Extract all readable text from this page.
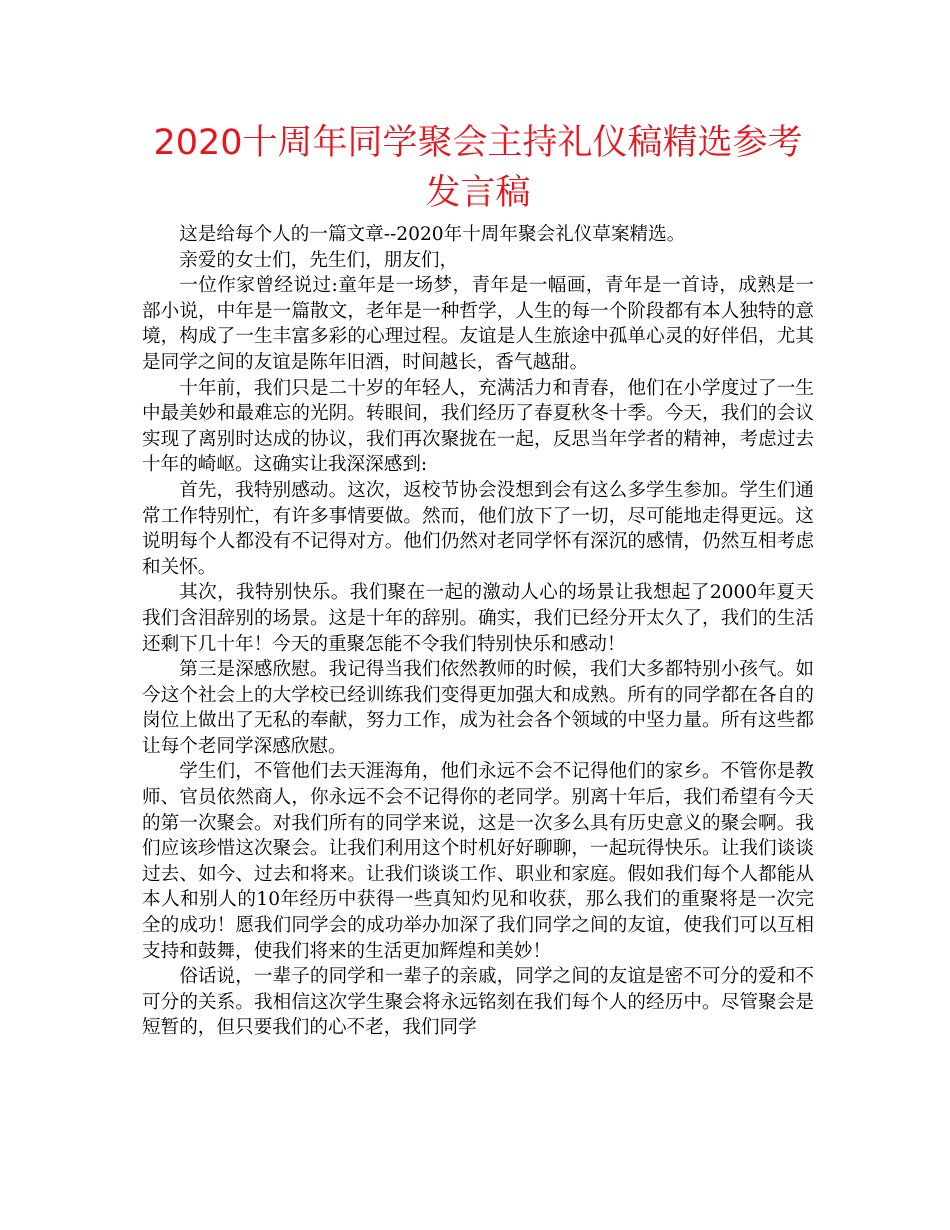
2020十周年同学聚会主持礼仪稿精选参考
发言稿

这是给每个人的一篇文章--2020年十周年聚会礼仪草案精选。

亲爱的女士们，先生们，朋友们，

一位作家曾经说过:童年是一场梦，青年是一幅画，青年是一首诗，成熟是一部小说，中年是一篇散文，老年是一种哲学，人生的每一个阶段都有本人独特的意境，构成了一生丰富多彩的心理过程。友谊是人生旅途中孤单心灵的好伴侣，尤其是同学之间的友谊是陈年旧酒，时间越长，香气越甜。

十年前，我们只是二十岁的年轻人，充满活力和青春，他们在小学度过了一生中最美妙和最难忘的光阴。转眼间，我们经历了春夏秋冬十季。今天，我们的会议实现了离别时达成的协议，我们再次聚拢在一起，反思当年学者的精神，考虑过去十年的崎岖。这确实让我深深感到:

首先，我特别感动。这次，返校节协会没想到会有这么多学生参加。学生们通常工作特别忙，有许多事情要做。然而，他们放下了一切，尽可能地走得更远。这说明每个人都没有不记得对方。他们仍然对老同学怀有深沉的感情，仍然互相考虑和关怀。

其次，我特别快乐。我们聚在一起的激动人心的场景让我想起了2000年夏天我们含泪辞别的场景。这是十年的辞别。确实，我们已经分开太久了，我们的生活还剩下几十年！今天的重聚怎能不令我们特别快乐和感动！

第三是深感欣慰。我记得当我们依然教师的时候，我们大多都特别小孩气。如今这个社会上的大学校已经训练我们变得更加强大和成熟。所有的同学都在各自的岗位上做出了无私的奉献，努力工作，成为社会各个领域的中坚力量。所有这些都让每个老同学深感欣慰。

学生们，不管他们去天涯海角，他们永远不会不记得他们的家乡。不管你是教师、官员依然商人，你永远不会不记得你的老同学。别离十年后，我们希望有今天的第一次聚会。对我们所有的同学来说，这是一次多么具有历史意义的聚会啊。我们应该珍惜这次聚会。让我们利用这个时机好好聊聊，一起玩得快乐。让我们谈谈过去、如今、过去和将来。让我们谈谈工作、职业和家庭。假如我们每个人都能从本人和别人的10年经历中获得一些真知灼见和收获，那么我们的重聚将是一次完全的成功！愿我们同学会的成功举办加深了我们同学之间的友谊，使我们可以互相支持和鼓舞，使我们将来的生活更加辉煌和美妙！

俗话说，一辈子的同学和一辈子的亲戚，同学之间的友谊是密不可分的爱和不可分的关系。我相信这次学生聚会将永远铭刻在我们每个人的经历中。尽管聚会是短暂的，但只要我们的心不老，我们同学
